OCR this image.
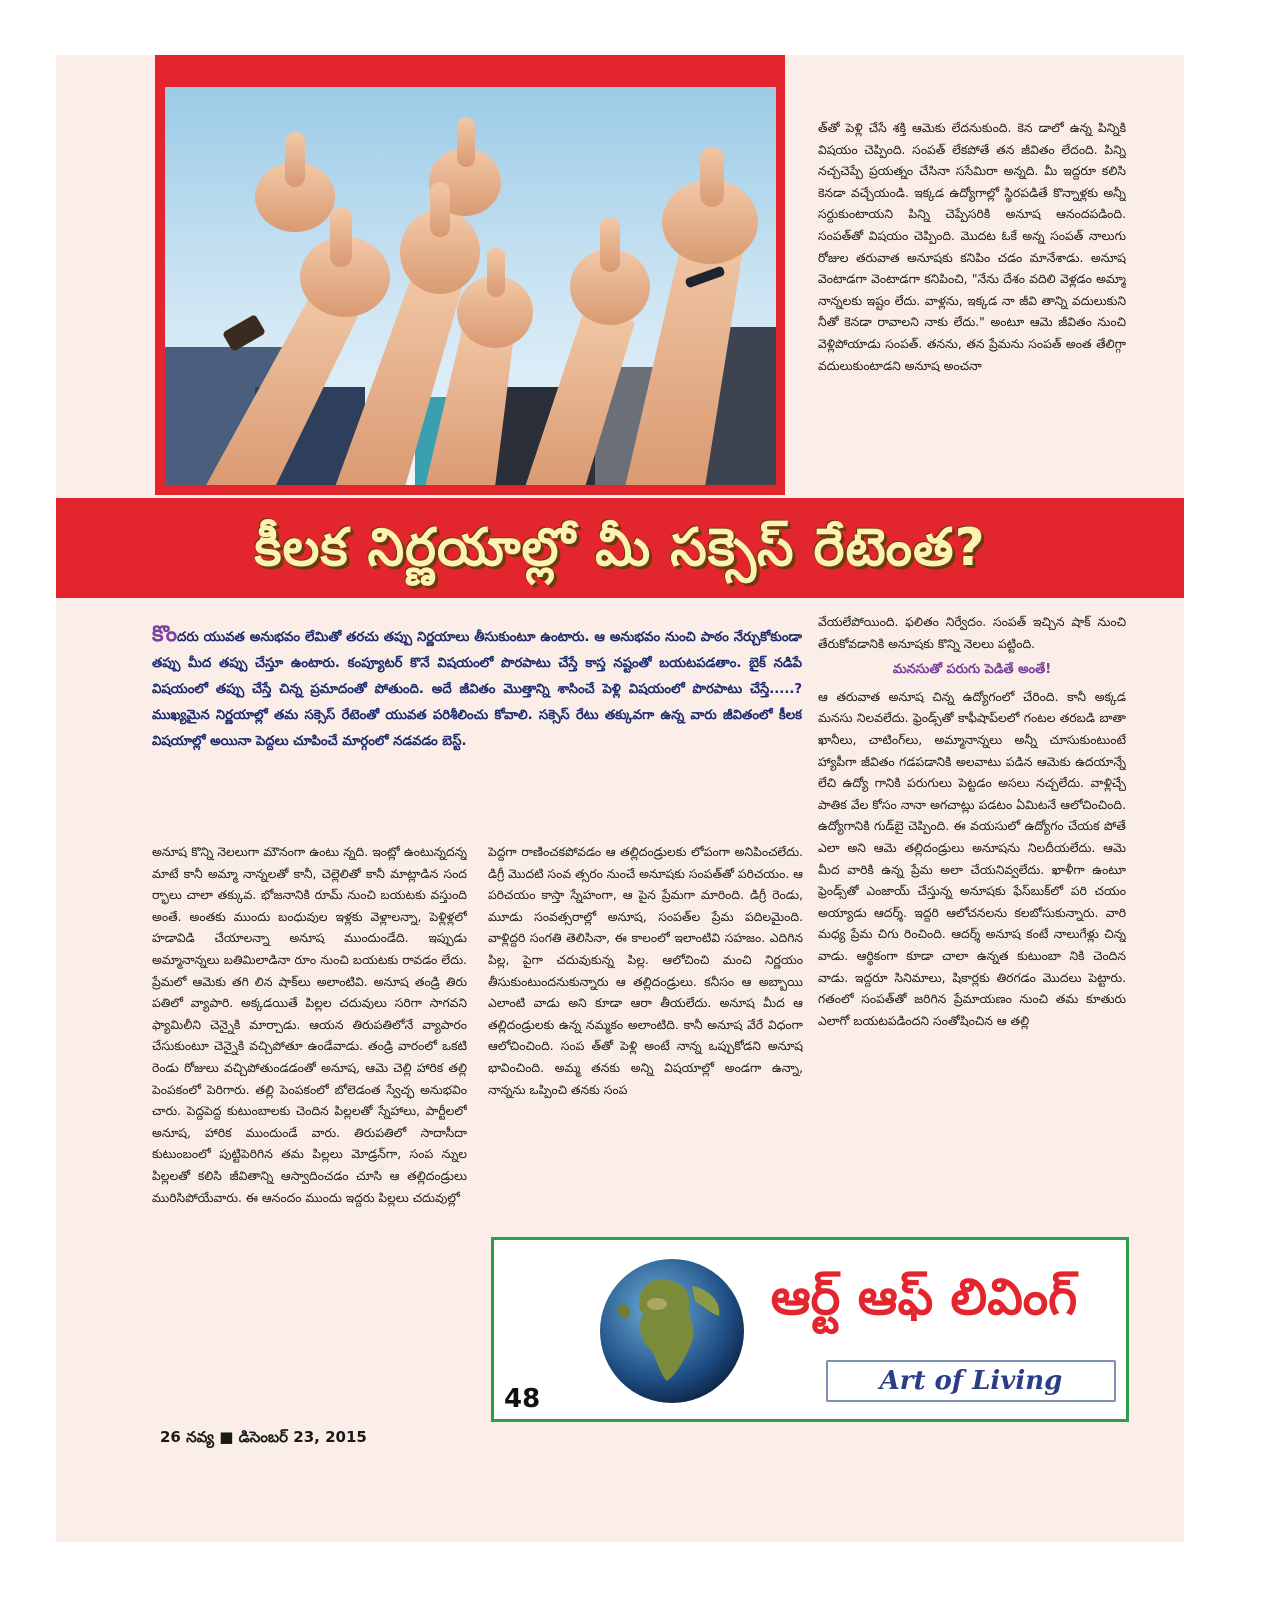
త్‌తో పెళ్లి చేసే శక్తి ఆమెకు లేదనుకుంది. కెన డాలో ఉన్న పిన్నికి విషయం చెప్పింది. సంపత్ లేకపోతే తన జీవితం లేదంది. పిన్ని నచ్చచెప్పే ప్రయత్నం చేసినా ససేమిరా అన్నది. మీ ఇద్దరూ కలిసి కెనడా వచ్చేయండి. ఇక్కడ ఉద్యోగాల్లో స్థిరపడితే కొన్నాళ్లకు అన్నీ సర్దుకుంటాయని పిన్ని చెప్పేసరికి అనూష ఆనందపడింది. సంపత్‌తో విషయం చెప్పింది. మొదట ఓకే అన్న సంపత్ నాలుగు రోజుల తరువాత అనూషకు కనిపిం చడం మానేశాడు. అనూష వెంటాడగా వెంటాడగా కనిపించి, "నేను దేశం వదిలి వెళ్లడం అమ్మా నాన్నలకు ఇష్టం లేదు. వాళ్లను, ఇక్కడ నా జీవి తాన్ని వదులుకుని నీతో కెనడా రావాలని నాకు లేదు." అంటూ ఆమె జీవితం నుంచి వెళ్లిపోయాడు సంపత్. తనను, తన ప్రేమను సంపత్ అంత తేలిగ్గా వదులుకుంటాడని అనూష అంచనా
కీలక నిర్ణయాల్లో మీ సక్సెస్ రేటెంత?
కొందరు యువత అనుభవం లేమితో తరచు తప్పు నిర్ణయాలు తీసుకుంటూ ఉంటారు. ఆ అనుభవం నుంచి పాఠం నేర్చుకోకుండా తప్పు మీద తప్పు చేస్తూ ఉంటారు. కంప్యూటర్ కొనే విషయంలో పొరపాటు చేస్తే కాస్త నష్టంతో బయటపడతాం. బైక్ నడిపే విషయంలో తప్పు చేస్తే చిన్న ప్రమాదంతో పోతుంది. అదే జీవితం మొత్తాన్ని శాసించే పెళ్లి విషయంలో పొరపాటు చేస్తే.....? ముఖ్యమైన నిర్ణయాల్లో తమ సక్సెస్ రేటెంతో యువత పరిశీలించు కోవాలి. సక్సెస్ రేటు తక్కువగా ఉన్న వారు జీవితంలో కీలక విషయాల్లో అయినా పెద్దలు చూపించే మార్గంలో నడవడం బెస్ట్.
అనూష కొన్ని నెలలుగా మౌనంగా ఉంటు న్నది. ఇంట్లో ఉంటున్నదన్న మాటే కానీ అమ్మా నాన్నలతో కానీ, చెల్లెలితో కానీ మాట్లాడిన సంద ర్భాలు చాలా తక్కువ. భోజనానికి రూమ్ నుంచి బయటకు వస్తుంది అంతే. అంతకు ముందు బంధువుల ఇళ్లకు వెళ్లాలన్నా, పెళ్లిళ్లలో హడావిడి చేయాలన్నా అనూష ముందుండేది. ఇప్పుడు అమ్మానాన్నలు బతిమిలాడినా రూం నుంచి బయటకు రావడం లేదు. ప్రేమలో ఆమెకు తగి లిన షాక్‌లు అలాంటివి. అనూష తండ్రి తిరు పతిలో వ్యాపారి. అక్కడయితే పిల్లల చదువులు సరిగా సాగవని ఫ్యామిలీని చెన్నైకి మార్చాడు. ఆయన తిరుపతిలోనే వ్యాపారం చేసుకుంటూ చెన్నైకి వచ్చిపోతూ ఉండేవాడు. తండ్రి వారంలో ఒకటి రెండు రోజులు వచ్చిపోతుండడంతో అనూష, ఆమె చెల్లి హారిక తల్లి పెంపకంలో పెరిగారు. తల్లి పెంపకంలో బోలెడంత స్వేచ్ఛ అనుభవిం చారు. పెద్దపెద్ద కుటుంబాలకు చెందిన పిల్లలతో స్నేహాలు, పార్టీలలో అనూష, హారిక ముందుండే వారు. తిరుపతిలో సాదాసీదా కుటుంబంలో పుట్టిపెరిగిన తమ పిల్లలు మోడ్రన్‌గా, సంప న్నుల పిల్లలతో కలిసి జీవితాన్ని ఆస్వాదించడం చూసి ఆ తల్లిదండ్రులు మురిసిపోయేవారు. ఈ ఆనందం ముందు ఇద్దరు పిల్లలు చదువుల్లో
పెద్దగా రాణించకపోవడం ఆ తల్లిదండ్రులకు లోపంగా అనిపించలేదు. డిగ్రీ మొదటి సంవ త్సరం నుంచే అనూషకు సంపత్‌తో పరిచయం. ఆ పరిచయం కాస్తా స్నేహంగా, ఆ పైన ప్రేమగా మారింది. డిగ్రీ రెండు, మూడు సంవత్సరాల్లో అనూష, సంపత్‌ల ప్రేమ పదిలమైంది. వాళ్లిద్దరి సంగతి తెలిసినా, ఈ కాలంలో ఇలాంటివి సహజం. ఎదిగిన పిల్ల, పైగా చదువుకున్న పిల్ల. ఆలోచించి మంచి నిర్ణయం తీసుకుంటుందనుకున్నారు ఆ తల్లిదండ్రులు. కనీసం ఆ అబ్బాయి ఎలాంటి వాడు అని కూడా ఆరా తీయలేదు. అనూష మీద ఆ తల్లిదండ్రులకు ఉన్న నమ్మకం అలాంటిది. కానీ అనూష వేరే విధంగా ఆలోచించింది. సంప త్‌తో పెళ్లి అంటే నాన్న ఒప్పుకోడని అనూష భావించింది. అమ్మ తనకు అన్ని విషయాల్లో అండగా ఉన్నా, నాన్నను ఒప్పించి తనకు సంప
వేయలేపోయింది. ఫలితం నిర్వేదం. సంపత్ ఇచ్చిన షాక్ నుంచి తేరుకోవడానికి అనూషకు కొన్ని నెలలు పట్టింది.
మనసుతో పరుగు పెడితే అంతే!
ఆ తరువాత అనూష చిన్న ఉద్యోగంలో చేరింది. కానీ అక్కడ మనసు నిలవలేదు. ఫ్రెండ్స్‌తో కాఫీషాప్‌లలో గంటల తరబడి బాతా ఖానీలు, చాటింగ్‌లు, అమ్మానాన్నలు అన్నీ చూసుకుంటుంటే హ్యాపీగా జీవితం గడపడానికి అలవాటు పడిన ఆమెకు ఉదయాన్నే లేచి ఉద్యో గానికి పరుగులు పెట్టడం అసలు నచ్చలేదు. వాళ్లిచ్చే పాతిక వేల కోసం నానా అగచాట్లు పడటం ఏమిటనే ఆలోచించింది. ఉద్యోగానికి గుడ్‌బై చెప్పింది. ఈ వయసులో ఉద్యోగం చేయక పోతే ఎలా అని ఆమె తల్లిదండ్రులు అనూషను నిలదీయలేదు. ఆమె మీద వారికి ఉన్న ప్రేమ అలా చేయనివ్వలేదు. ఖాళీగా ఉంటూ ఫ్రెండ్స్‌తో ఎంజాయ్ చేస్తున్న అనూషకు ఫేస్‌బుక్‌లో పరి చయం అయ్యాడు ఆదర్శ్. ఇద్దరి ఆలోచనలను కలబోసుకున్నారు. వారి మధ్య ప్రేమ చిగు రించింది. ఆదర్శ్ అనూష కంటే నాలుగేళ్లు చిన్న వాడు. ఆర్థికంగా కూడా చాలా ఉన్నత కుటుంబా నికి చెందిన వాడు. ఇద్దరూ సినిమాలు, షికార్లకు తిరగడం మొదలు పెట్టారు. గతంలో సంపత్‌తో జరిగిన ప్రేమాయణం నుంచి తమ కూతురు ఎలాగో బయటపడిందని సంతోషించిన ఆ తల్లి
ఆర్ట్ ఆఫ్ లివింగ్
Art of Living
48
26 నవ్య ■ డిసెంబర్ 23, 2015
